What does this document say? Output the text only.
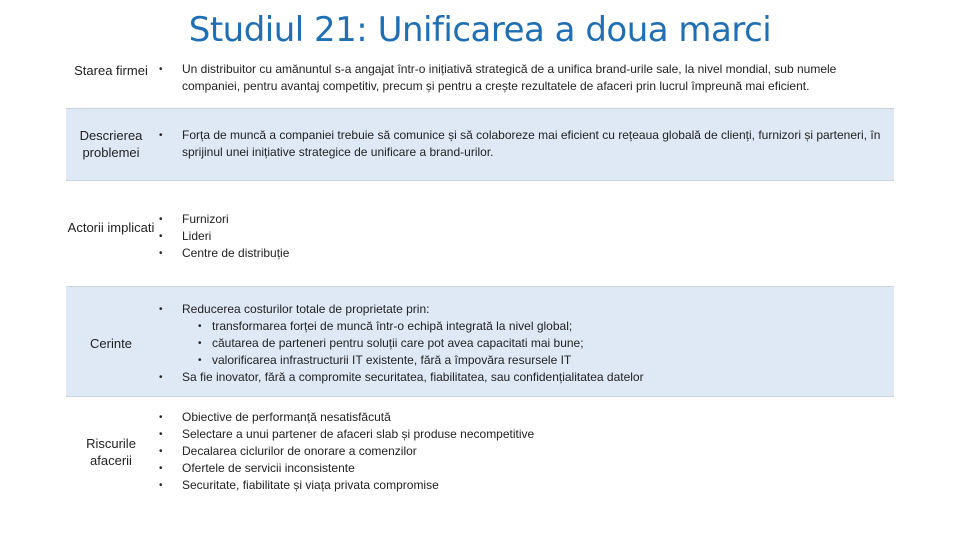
Studiul 21: Unificarea a doua marci
Starea firmei
•	Un distribuitor cu amănuntul s-a angajat într-o inițiativă strategică de a unifica brand-urile sale, la nivel mondial, sub numele companiei, pentru avantaj competitiv, precum și pentru a crește rezultatele de afaceri prin lucrul împreună mai eficient.
Descrierea problemei
• Forța de muncă a companiei trebuie să comunice și să colaboreze mai eficient cu rețeaua globală de clienți, furnizori și parteneri, în sprijinul unei inițiative strategice de unificare a brand-urilor.
Actorii implicati
• Furnizori
• Lideri
• Centre de distribuție
Cerinte
• Reducerea costurilor totale de proprietate prin:
• transformarea forței de muncă într-o echipă integrată la nivel global;
• căutarea de parteneri pentru soluții care pot avea capacitati mai bune;
• valorificarea infrastructurii IT existente, fără a împovăra resursele IT
• Sa fie inovator, fără a compromite securitatea, fiabilitatea, sau confidențialitatea datelor
Riscurile afacerii
• Obiective de performanță nesatisfăcută
• Selectare a unui partener de afaceri slab și produse necompetitive
• Decalarea ciclurilor de onorare a comenzilor
• Ofertele de servicii inconsistente
• Securitate, fiabilitate și viața privata compromise
